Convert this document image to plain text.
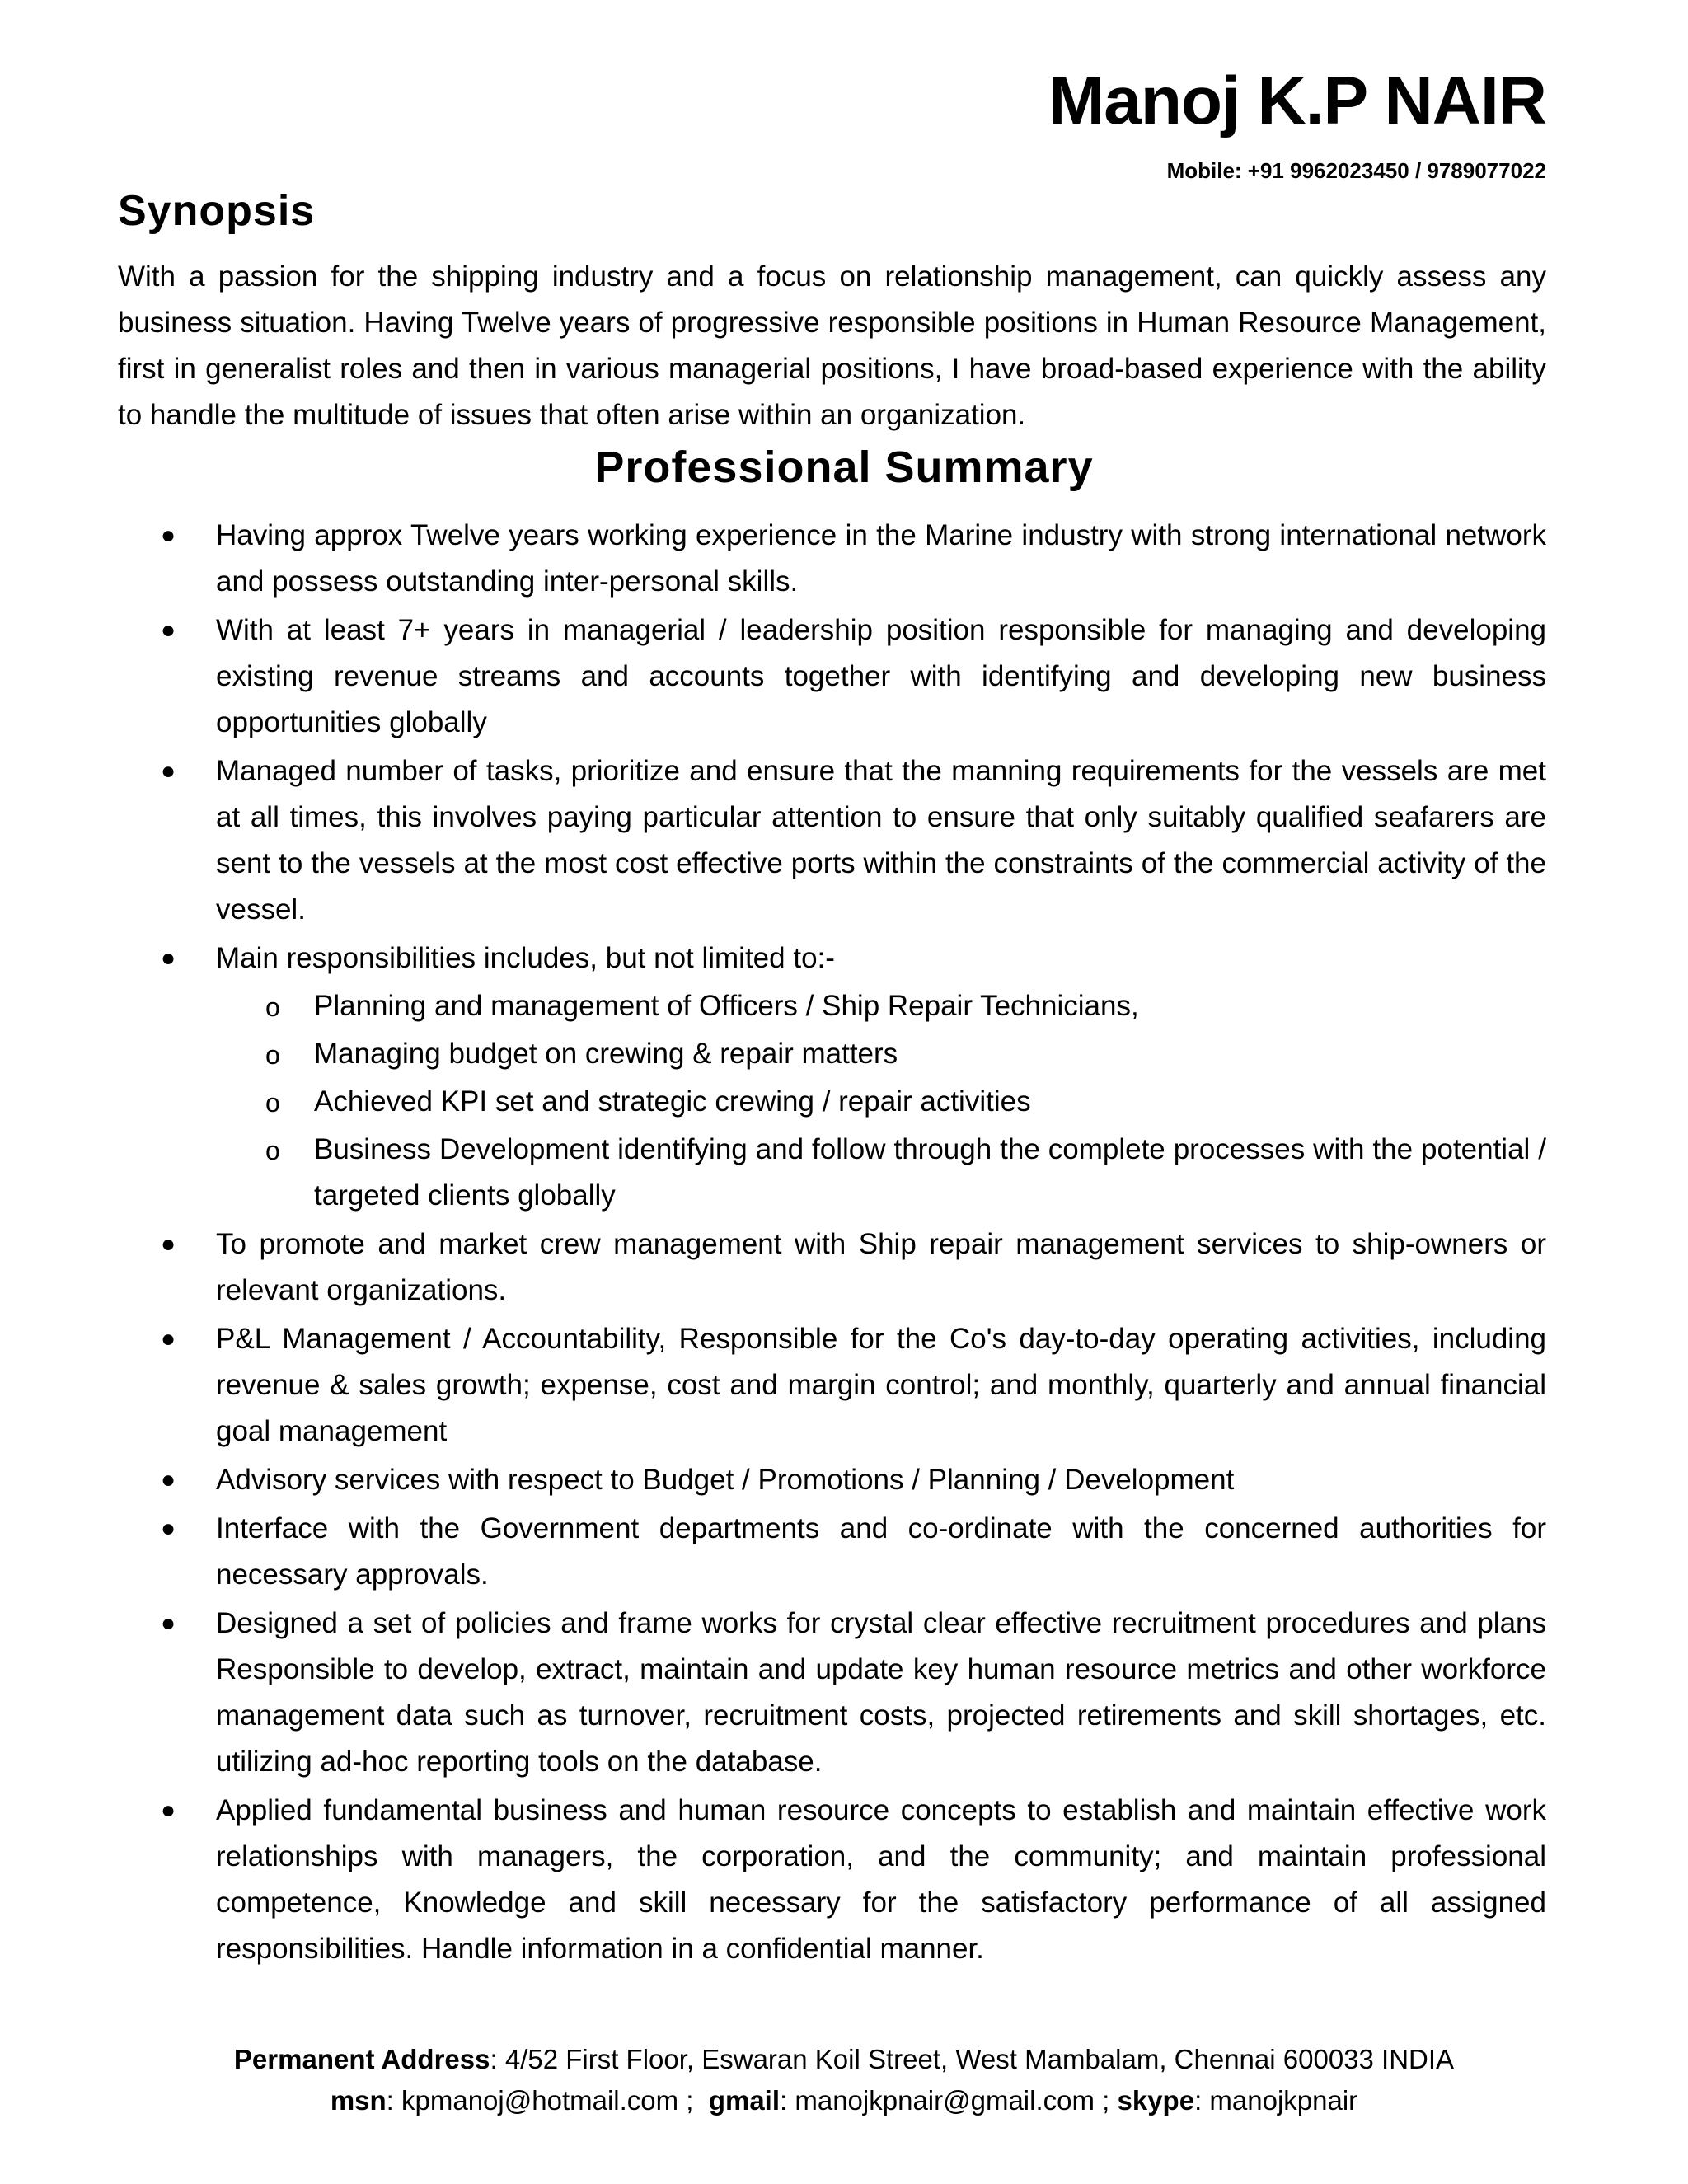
Manoj K.P NAIR
Mobile: +91 9962023450 / 9789077022
Synopsis
With a passion for the shipping industry and a focus on relationship management, can quickly assess any business situation. Having Twelve years of progressive responsible positions in Human Resource Management, first in generalist roles and then in various managerial positions, I have broad-based experience with the ability to handle the multitude of issues that often arise within an organization.
Professional Summary
● Having approx Twelve years working experience in the Marine industry with strong international network and possess outstanding inter-personal skills.
● With at least 7+ years in managerial / leadership position responsible for managing and developing existing revenue streams and accounts together with identifying and developing new business opportunities globally
● Managed number of tasks, prioritize and ensure that the manning requirements for the vessels are met at all times, this involves paying particular attention to ensure that only suitably qualified seafarers are sent to the vessels at the most cost effective ports within the constraints of the commercial activity of the vessel.
● Main responsibilities includes, but not limited to:-
o Planning and management of Officers / Ship Repair Technicians,
o Managing budget on crewing & repair matters
o Achieved KPI set and strategic crewing / repair activities
o Business Development identifying and follow through the complete processes with the potential / targeted clients globally
● To promote and market crew management with Ship repair management services to ship-owners or relevant organizations.
● P&L Management / Accountability, Responsible for the Co's day-to-day operating activities, including revenue & sales growth; expense, cost and margin control; and monthly, quarterly and annual financial goal management
● Advisory services with respect to Budget / Promotions / Planning / Development
● Interface with the Government departments and co-ordinate with the concerned authorities for necessary approvals.
● Designed a set of policies and frame works for crystal clear effective recruitment procedures and plans Responsible to develop, extract, maintain and update key human resource metrics and other workforce management data such as turnover, recruitment costs, projected retirements and skill shortages, etc. utilizing ad-hoc reporting tools on the database.
● Applied fundamental business and human resource concepts to establish and maintain effective work relationships with managers, the corporation, and the community; and maintain professional competence, Knowledge and skill necessary for the satisfactory performance of all assigned responsibilities. Handle information in a confidential manner.
Permanent Address: 4/52 First Floor, Eswaran Koil Street, West Mambalam, Chennai 600033 INDIA
msn: kpmanoj@hotmail.com ; gmail: manojkpnair@gmail.com ; skype: manojkpnair
